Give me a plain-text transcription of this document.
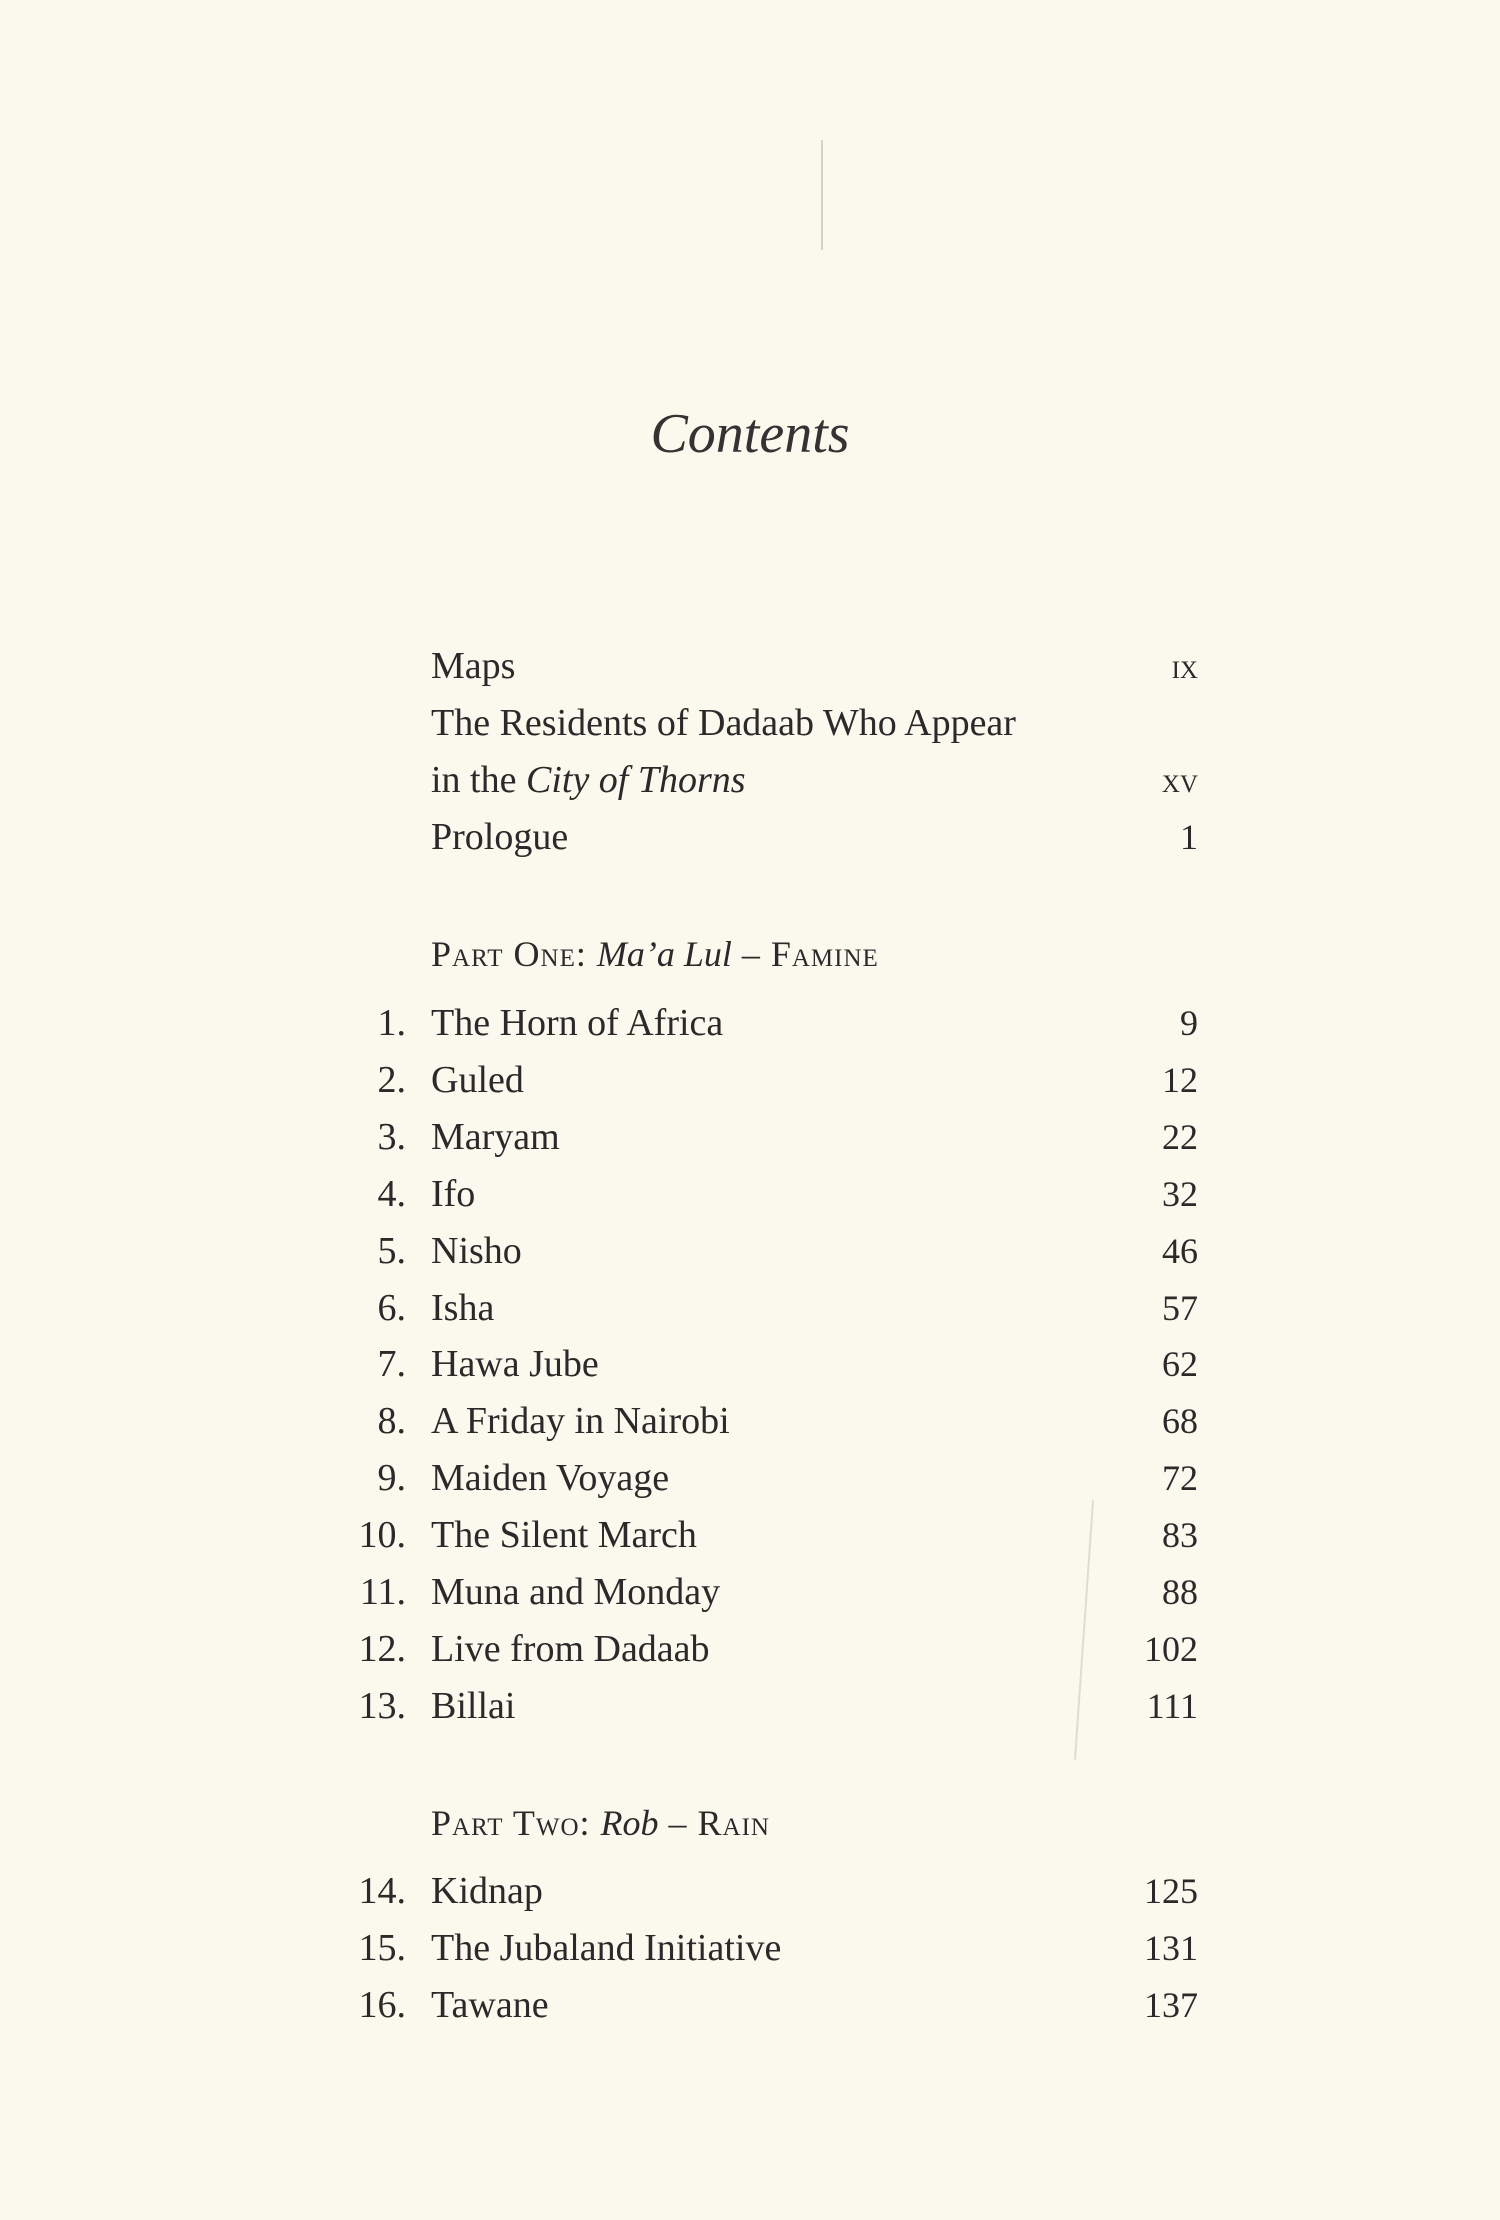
Contents
Maps	ix
The Residents of Dadaab Who Appear
in the City of Thorns	xv
Prologue	1
Part One: Ma’a Lul – Famine
1. The Horn of Africa	9
2. Guled	12
3. Maryam	22
4. Ifo	32
5. Nisho	46
6. Isha	57
7. Hawa Jube	62
8. A Friday in Nairobi	68
9. Maiden Voyage	72
10. The Silent March	83
11. Muna and Monday	88
12. Live from Dadaab	102
13. Billai	111
Part Two: Rob – Rain
14. Kidnap	125
15. The Jubaland Initiative	131
16. Tawane	137
